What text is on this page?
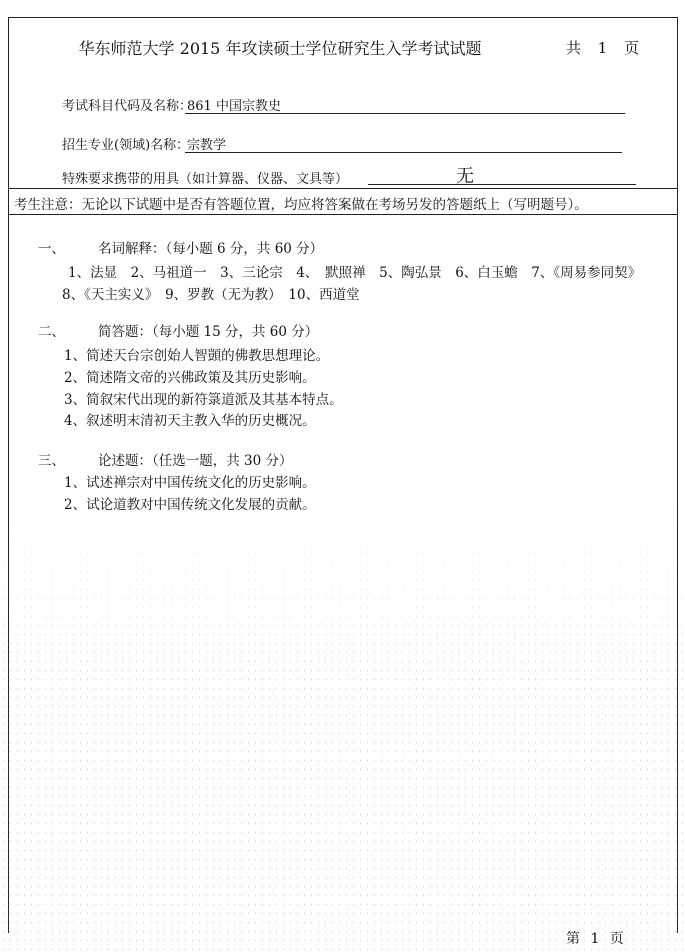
华东师范大学 2015 年攻读硕士学位研究生入学考试试题	共 1 页
考试科目代码及名称：
861 中国宗教史
招生专业(领域)名称：
宗教学
特殊要求携带的用具（如计算器、仪器、文具等）	无
考生注意：无论以下试题中是否有答题位置，均应将答案做在考场另发的答题纸上（写明题号）。
一、 名词解释：（每小题 6 分，共 60 分）
1、法显　2、马祖道一　3、三论宗　4、　默照禅　5、陶弘景　6、白玉蟾　7、《周易参同契》
8、《天主实义》　9、罗教（无为教）　10、西道堂
二、 简答题：（每小题 15 分，共 60 分）
1、简述天台宗创始人智顗的佛教思想理论。
2、简述隋文帝的兴佛政策及其历史影响。
3、简叙宋代出现的新符箓道派及其基本特点。
4、叙述明末清初天主教入华的历史概况。
三、 论述题：（任选一题，共 30 分）
1、试述禅宗对中国传统文化的历史影响。
2、试论道教对中国传统文化发展的贡献。
第 1 页
